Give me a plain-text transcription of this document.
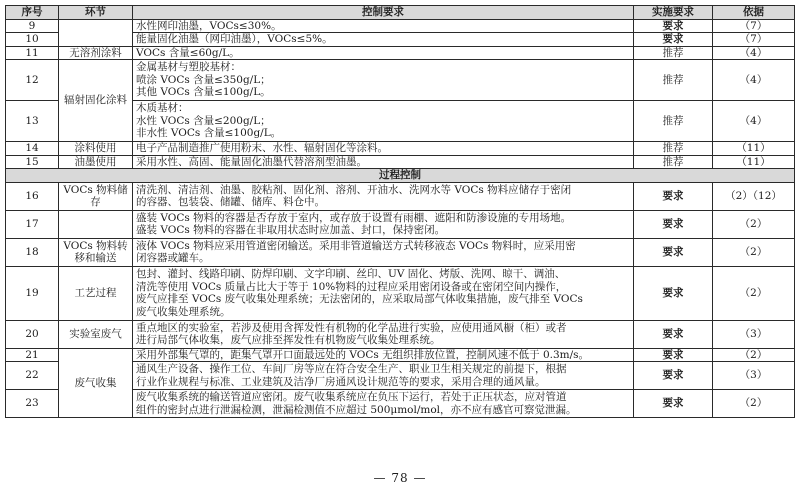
序号	环节	控制要求	实施要求	依据
9		水性网印油墨，VOCs≤30%。	要求	（7）
10		能量固化油墨（网印油墨），VOCs≤5%。	要求	（7）
11	无溶剂涂料	VOCs 含量≤60g/L。	推荐	（4）
12	辐射固化涂料	金属基材与塑胶基材：
喷涂 VOCs 含量≤350g/L；
其他 VOCs 含量≤100g/L。	推荐	（4）
13		木质基材：
水性 VOCs 含量≤200g/L；
非水性 VOCs 含量≤100g/L。	推荐	（4）
14	涂料使用	电子产品制造推广使用粉末、水性、辐射固化等涂料。	推荐	（11）
15	油墨使用	采用水性、高固、能量固化油墨代替溶剂型油墨。	推荐	（11）
过程控制				
16	VOCs 物料储存	清洗剂、清洁剂、油墨、胶粘剂、固化剂、溶剂、开油水、洗网水等 VOCs 物料应储存于密闭
的容器、包装袋、储罐、储库、料仓中。	要求	（2）（12）
17		盛装 VOCs 物料的容器是否存放于室内，或存放于设置有雨棚、遮阳和防渗设施的专用场地。
盛装 VOCs 物料的容器在非取用状态时应加盖、封口，保持密闭。	要求	（2）
18	VOCs 物料转移和输送	液体 VOCs 物料应采用管道密闭输送。采用非管道输送方式转移液态 VOCs 物料时，应采用密
闭容器或罐车。	要求	（2）
19	工艺过程	包封、灌封、线路印刷、防焊印刷、文字印刷、丝印、UV 固化、烤版、洗网、晾干、调油、
清洗等使用 VOCs 质量占比大于等于 10%物料的过程应采用密闭设备或在密闭空间内操作，
废气应排至 VOCs 废气收集处理系统；无法密闭的，应采取局部气体收集措施，废气排至 VOCs
废气收集处理系统。	要求	（2）
20	实验室废气	重点地区的实验室，若涉及使用含挥发性有机物的化学品进行实验，应使用通风橱（柜）或者
进行局部气体收集，废气应排至挥发性有机物废气收集处理系统。	要求	（3）
21	废气收集	采用外部集气罩的，距集气罩开口面最远处的 VOCs 无组织排放位置，控制风速不低于 0.3m/s。	要求	（2）
22		通风生产设备、操作工位、车间厂房等应在符合安全生产、职业卫生相关规定的前提下，根据
行业作业规程与标准、工业建筑及洁净厂房通风设计规范等的要求，采用合理的通风量。	要求	（3）
23		废气收集系统的输送管道应密闭。废气收集系统应在负压下运行，若处于正压状态，应对管道
组件的密封点进行泄漏检测，泄漏检测值不应超过 500μmol/mol，亦不应有感官可察觉泄漏。	要求	（2）
— 78 —
